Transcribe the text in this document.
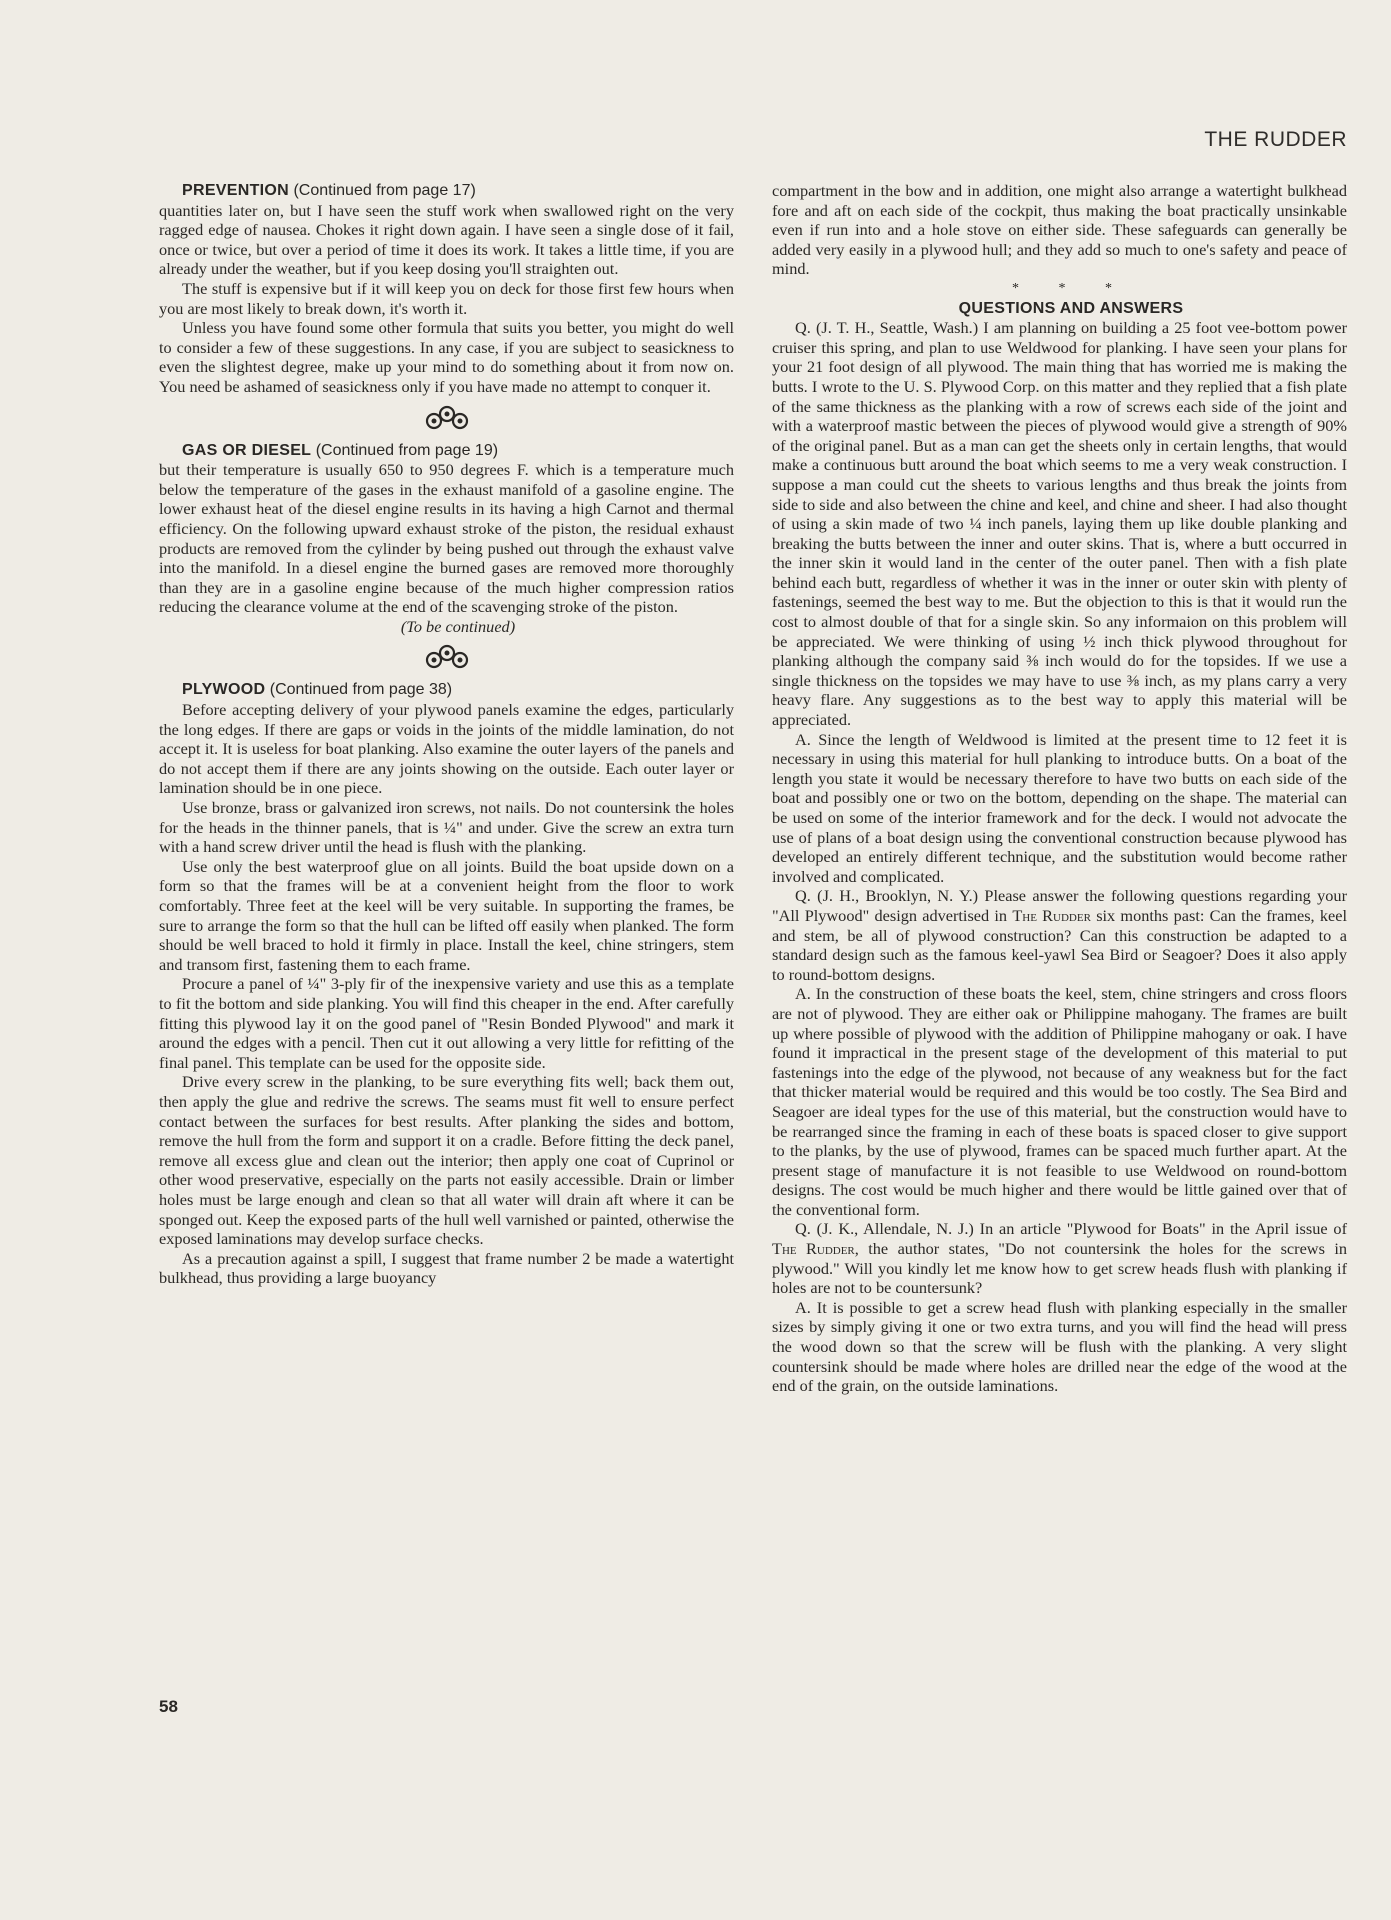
THE RUDDER

PREVENTION (Continued from page 17)

quantities later on, but I have seen the stuff work when swallowed right on the very ragged edge of nausea. Chokes it right down again. I have seen a single dose of it fail, once or twice, but over a period of time it does its work. It takes a little time, if you are already under the weather, but if you keep dosing you'll straighten out.

The stuff is expensive but if it will keep you on deck for those first few hours when you are most likely to break down, it's worth it.

Unless you have found some other formula that suits you better, you might do well to consider a few of these suggestions. In any case, if you are subject to seasickness to even the slightest degree, make up your mind to do something about it from now on. You need be ashamed of seasickness only if you have made no attempt to conquer it.

GAS OR DIESEL (Continued from page 19)

but their temperature is usually 650 to 950 degrees F. which is a temperature much below the temperature of the gases in the exhaust manifold of a gasoline engine. The lower exhaust heat of the diesel engine results in its having a high Carnot and thermal efficiency. On the following upward exhaust stroke of the piston, the residual exhaust products are removed from the cylinder by being pushed out through the exhaust valve into the manifold. In a diesel engine the burned gases are removed more thoroughly than they are in a gasoline engine because of the much higher compression ratios reducing the clearance volume at the end of the scavenging stroke of the piston.

(To be continued)

PLYWOOD (Continued from page 38)

Before accepting delivery of your plywood panels examine the edges, particularly the long edges. If there are gaps or voids in the joints of the middle lamination, do not accept it. It is useless for boat planking. Also examine the outer layers of the panels and do not accept them if there are any joints showing on the outside. Each outer layer or lamination should be in one piece.

Use bronze, brass or galvanized iron screws, not nails. Do not countersink the holes for the heads in the thinner panels, that is ¼" and under. Give the screw an extra turn with a hand screw driver until the head is flush with the planking.

Use only the best waterproof glue on all joints. Build the boat upside down on a form so that the frames will be at a convenient height from the floor to work comfortably. Three feet at the keel will be very suitable. In supporting the frames, be sure to arrange the form so that the hull can be lifted off easily when planked. The form should be well braced to hold it firmly in place. Install the keel, chine stringers, stem and transom first, fastening them to each frame.

Procure a panel of ¼" 3-ply fir of the inexpensive variety and use this as a template to fit the bottom and side planking. You will find this cheaper in the end. After carefully fitting this plywood lay it on the good panel of "Resin Bonded Plywood" and mark it around the edges with a pencil. Then cut it out allowing a very little for refitting of the final panel. This template can be used for the opposite side.

Drive every screw in the planking, to be sure everything fits well; back them out, then apply the glue and redrive the screws. The seams must fit well to ensure perfect contact between the surfaces for best results. After planking the sides and bottom, remove the hull from the form and support it on a cradle. Before fitting the deck panel, remove all excess glue and clean out the interior; then apply one coat of Cuprinol or other wood preservative, especially on the parts not easily accessible. Drain or limber holes must be large enough and clean so that all water will drain aft where it can be sponged out. Keep the exposed parts of the hull well varnished or painted, otherwise the exposed laminations may develop surface checks.

As a precaution against a spill, I suggest that frame number 2 be made a watertight bulkhead, thus providing a large buoyancy

58

compartment in the bow and in addition, one might also arrange a watertight bulkhead fore and aft on each side of the cockpit, thus making the boat practically unsinkable even if run into and a hole stove on either side. These safeguards can generally be added very easily in a plywood hull; and they add so much to one's safety and peace of mind.

* * *

QUESTIONS AND ANSWERS

Q. (J. T. H., Seattle, Wash.) I am planning on building a 25 foot vee-bottom power cruiser this spring, and plan to use Weldwood for planking. I have seen your plans for your 21 foot design of all plywood. The main thing that has worried me is making the butts. I wrote to the U. S. Plywood Corp. on this matter and they replied that a fish plate of the same thickness as the planking with a row of screws each side of the joint and with a waterproof mastic between the pieces of plywood would give a strength of 90% of the original panel. But as a man can get the sheets only in certain lengths, that would make a continuous butt around the boat which seems to me a very weak construction. I suppose a man could cut the sheets to various lengths and thus break the joints from side to side and also between the chine and keel, and chine and sheer. I had also thought of using a skin made of two ¼ inch panels, laying them up like double planking and breaking the butts between the inner and outer skins. That is, where a butt occurred in the inner skin it would land in the center of the outer panel. Then with a fish plate behind each butt, regardless of whether it was in the inner or outer skin with plenty of fastenings, seemed the best way to me. But the objection to this is that it would run the cost to almost double of that for a single skin. So any informaion on this problem will be appreciated. We were thinking of using ½ inch thick plywood throughout for planking although the company said ⅜ inch would do for the topsides. If we use a single thickness on the topsides we may have to use ⅜ inch, as my plans carry a very heavy flare. Any suggestions as to the best way to apply this material will be appreciated.

A. Since the length of Weldwood is limited at the present time to 12 feet it is necessary in using this material for hull planking to introduce butts. On a boat of the length you state it would be necessary therefore to have two butts on each side of the boat and possibly one or two on the bottom, depending on the shape. The material can be used on some of the interior framework and for the deck. I would not advocate the use of plans of a boat design using the conventional construction because plywood has developed an entirely different technique, and the substitution would become rather involved and complicated.

Q. (J. H., Brooklyn, N. Y.) Please answer the following questions regarding your "All Plywood" design advertised in The Rudder six months past: Can the frames, keel and stem, be all of plywood construction? Can this construction be adapted to a standard design such as the famous keel-yawl Sea Bird or Seagoer? Does it also apply to round-bottom designs.

A. In the construction of these boats the keel, stem, chine stringers and cross floors are not of plywood. They are either oak or Philippine mahogany. The frames are built up where possible of plywood with the addition of Philippine mahogany or oak. I have found it impractical in the present stage of the development of this material to put fastenings into the edge of the plywood, not because of any weakness but for the fact that thicker material would be required and this would be too costly. The Sea Bird and Seagoer are ideal types for the use of this material, but the construction would have to be rearranged since the framing in each of these boats is spaced closer to give support to the planks, by the use of plywood, frames can be spaced much further apart. At the present stage of manufacture it is not feasible to use Weldwood on round-bottom designs. The cost would be much higher and there would be little gained over that of the conventional form.

Q. (J. K., Allendale, N. J.) In an article "Plywood for Boats" in the April issue of The Rudder, the author states, "Do not countersink the holes for the screws in plywood." Will you kindly let me know how to get screw heads flush with planking if holes are not to be countersunk?

A. It is possible to get a screw head flush with planking especially in the smaller sizes by simply giving it one or two extra turns, and you will find the head will press the wood down so that the screw will be flush with the planking. A very slight countersink should be made where holes are drilled near the edge of the wood at the end of the grain, on the outside laminations.
